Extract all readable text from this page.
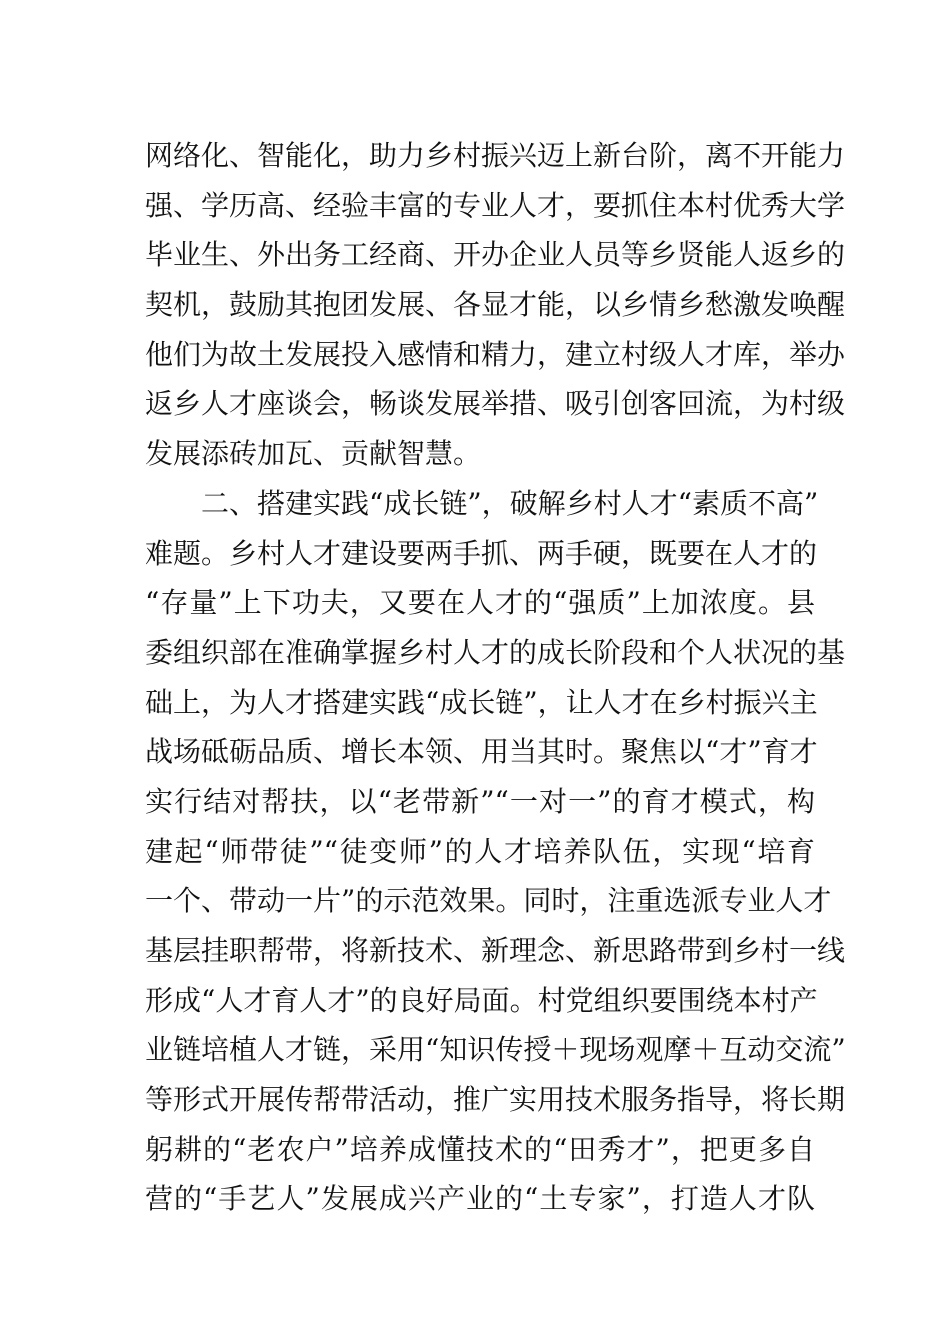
网络化、智能化，助力乡村振兴迈上新台阶，离不开能力
强、学历高、经验丰富的专业人才，要抓住本村优秀大学
毕业生、外出务工经商、开办企业人员等乡贤能人返乡的
契机，鼓励其抱团发展、各显才能，以乡情乡愁激发唤醒
他们为故土发展投入感情和精力，建立村级人才库，举办
返乡人才座谈会，畅谈发展举措、吸引创客回流，为村级
发展添砖加瓦、贡献智慧。
　　二、搭建实践“成长链”，破解乡村人才“素质不高”
难题。乡村人才建设要两手抓、两手硬，既要在人才的
“存量”上下功夫，又要在人才的“强质”上加浓度。县
委组织部在准确掌握乡村人才的成长阶段和个人状况的基
础上，为人才搭建实践“成长链”，让人才在乡村振兴主
战场砥砺品质、增长本领、用当其时。聚焦以“才”育才
实行结对帮扶，以“老带新”“一对一”的育才模式，构
建起“师带徒”“徒变师”的人才培养队伍，实现“培育
一个、带动一片”的示范效果。同时，注重选派专业人才
基层挂职帮带，将新技术、新理念、新思路带到乡村一线
形成“人才育人才”的良好局面。村党组织要围绕本村产
业链培植人才链，采用“知识传授＋现场观摩＋互动交流”
等形式开展传帮带活动，推广实用技术服务指导，将长期
躬耕的“老农户”培养成懂技术的“田秀才”，把更多自
营的“手艺人”发展成兴产业的“土专家”，打造人才队
